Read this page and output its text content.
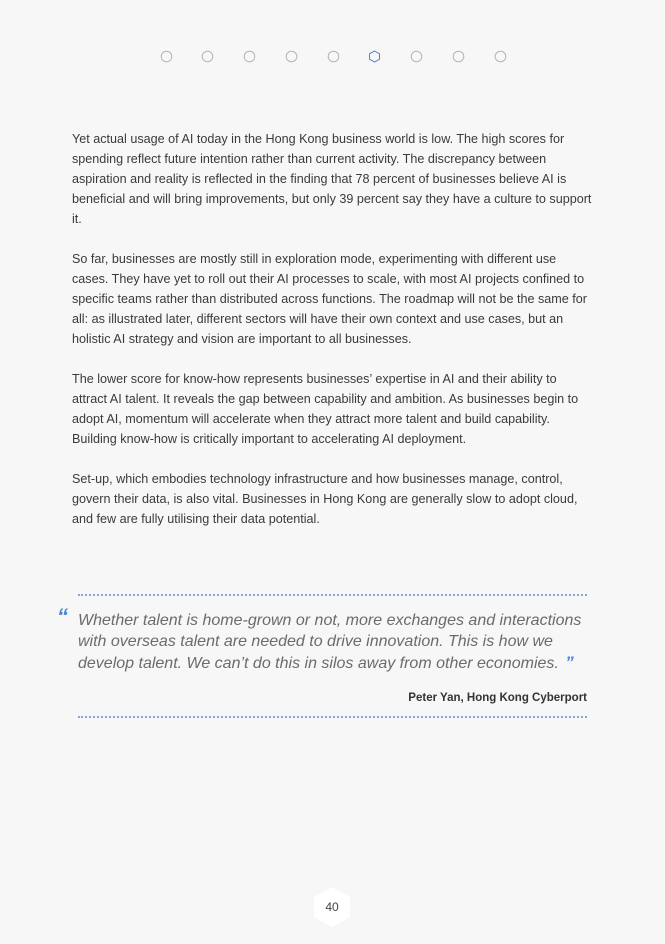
Yet actual usage of AI today in the Hong Kong business world is low. The high scores for spending reflect future intention rather than current activity. The discrepancy between aspiration and reality is reflected in the finding that 78 percent of businesses believe AI is beneficial and will bring improvements, but only 39 percent say they have a culture to support it.

So far, businesses are mostly still in exploration mode, experimenting with different use cases. They have yet to roll out their AI processes to scale, with most AI projects confined to specific teams rather than distributed across functions. The roadmap will not be the same for all: as illustrated later, different sectors will have their own context and use cases, but an holistic AI strategy and vision are important to all businesses.

The lower score for know-how represents businesses’ expertise in AI and their ability to attract AI talent. It reveals the gap between capability and ambition. As businesses begin to adopt AI, momentum will accelerate when they attract more talent and build capability. Building know-how is critically important to accelerating AI deployment.

Set-up, which embodies technology infrastructure and how businesses manage, control, govern their data, is also vital. Businesses in Hong Kong are generally slow to adopt cloud, and few are fully utilising their data potential.

“ Whether talent is home-grown or not, more exchanges and interactions with overseas talent are needed to drive innovation. This is how we develop talent. We can’t do this in silos away from other economies. ”
Peter Yan, Hong Kong Cyberport
40
